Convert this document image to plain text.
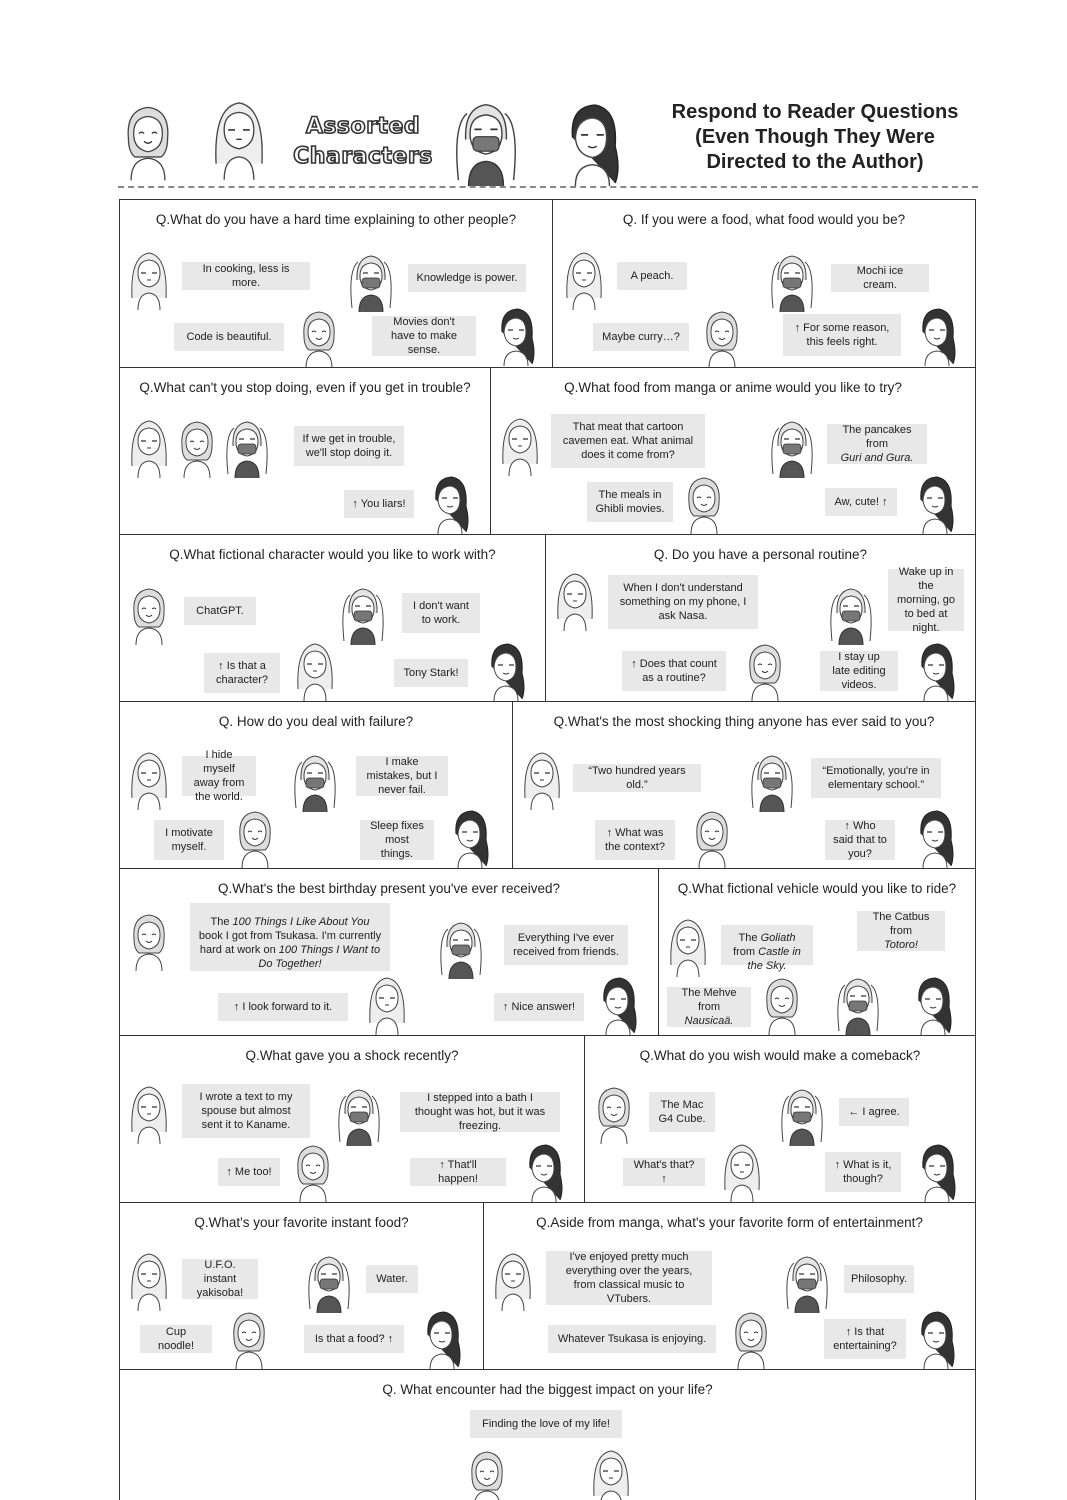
Assorted
Characters
Respond to Reader Questions
(Even Though They Were
Directed to the Author)
Q.What do you have a hard time explaining to other people?
In cooking, less is more.	Knowledge is power.
Code is beautiful.
Movies don't have to make sense.
Q. If you were a food, what food would you be?
A peach.	Mochi ice cream.
Maybe curry…?
↑ For some reason, this feels right.
Q.What can't you stop doing, even if you get in trouble?
If we get in trouble, we'll stop doing it.
↑ You liars!
Q.What food from manga or anime would you like to try?
That meat that cartoon cavemen eat. What animal does it come from?
The pancakes from
Guri and Gura.
The meals in Ghibli movies.
Aw, cute! ↑
Q.What fictional character would you like to work with?
ChatGPT.	I don't want to work.
↑ Is that a character?
Tony Stark!
Q. Do you have a personal routine?
When I don't understand something on my phone, I ask Nasa.
Wake up in the morning, go to bed at night.
↑ Does that count as a routine?
I stay up late editing videos.
Q. How do you deal with failure?
I hide myself away from the world.
I make mistakes, but I never fail.
I motivate myself.
Sleep fixes most things.
Q.What's the most shocking thing anyone has ever said to you?
“Two hundred years old.”
“Emotionally, you're in elementary school.”
↑ What was the context?
↑ Who said that to you?
Q.What's the best birthday present you've ever received?
The 100 Things I Like About You book I got from Tsukasa. I'm currently hard at work on 100 Things I Want to Do Together!
Everything I've ever received from friends.
↑ I look forward to it.	↑ Nice answer!
Q.What fictional vehicle would you like to ride?
The Goliath from Castle in the Sky.
The Catbus from
Totoro!
The Mehve from
Nausicaä.
Q.What gave you a shock recently?
I wrote a text to my spouse but almost sent it to Kaname.
I stepped into a bath I thought was hot, but it was freezing.
↑ Me too!
↑ That'll happen!
Q.What do you wish would make a comeback?
The Mac G4 Cube.
← I agree.
What's that? ↑
↑ What is it, though?
Q.What's your favorite instant food?
U.F.O. instant yakisoba!
Water.
Cup noodle!
Is that a food? ↑
Q.Aside from manga, what's your favorite form of entertainment?
I've enjoyed pretty much everything over the years, from classical music to VTubers.
Philosophy.
Whatever Tsukasa is enjoying.
↑ Is that entertaining?
Q. What encounter had the biggest impact on your life?
Finding the love of my life!
